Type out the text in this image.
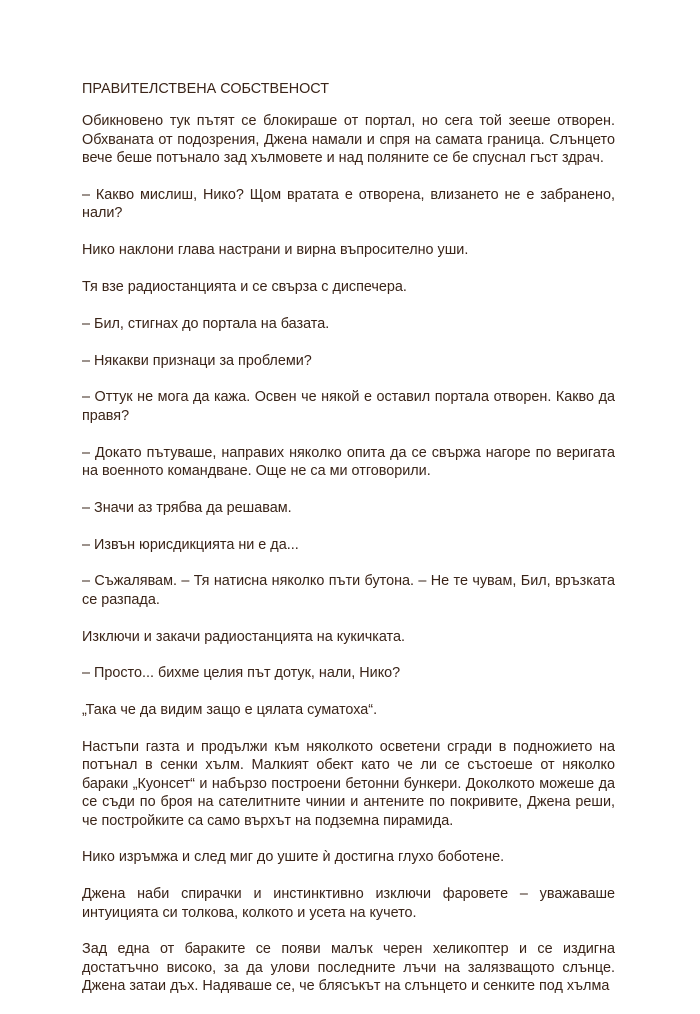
ПРАВИТЕЛСТВЕНА СОБСТВЕНОСТ

Обикновено тук пътят се блокираше от портал, но сега той зееше отворен. Обхваната от подозрения, Джена намали и спря на самата граница. Слънцето вече беше потънало зад хълмовете и над поляните се бе спуснал гъст здрач.

– Какво мислиш, Нико? Щом вратата е отворена, влизането не е забранено, нали?

Нико наклони глава настрани и вирна въпросително уши.

Тя взе радиостанцията и се свърза с диспечера.

– Бил, стигнах до портала на базата.

– Някакви признаци за проблеми?

– Оттук не мога да кажа. Освен че някой е оставил портала отворен. Какво да правя?

– Докато пътуваше, направих няколко опита да се свържа нагоре по веригата на военното командване. Още не са ми отговорили.

– Значи аз трябва да решавам.

– Извън юрисдикцията ни е да...

– Съжалявам. – Тя натисна няколко пъти бутона. – Не те чувам, Бил, връзката се разпада.

Изключи и закачи радиостанцията на кукичката.

– Просто... бихме целия път дотук, нали, Нико?

„Така че да видим защо е цялата суматоха“.

Настъпи газта и продължи към няколкото осветени сгради в подножието на потънал в сенки хълм. Малкият обект като че ли се състоеше от няколко бараки „Куонсет“ и набързо построени бетонни бункери. Доколкото можеше да се съди по броя на сателитните чинии и антените по покривите, Джена реши, че постройките са само върхът на подземна пирамида.

Нико изръмжа и след миг до ушите ѝ достигна глухо боботене.

Джена наби спирачки и инстинктивно изключи фаровете – уважаваше интуицията си толкова, колкото и усета на кучето.

Зад една от бараките се появи малък черен хеликоптер и се издигна достатъчно високо, за да улови последните лъчи на залязващото слънце. Джена затаи дъх. Надяваше се, че блясъкът на слънцето и сенките под хълма
